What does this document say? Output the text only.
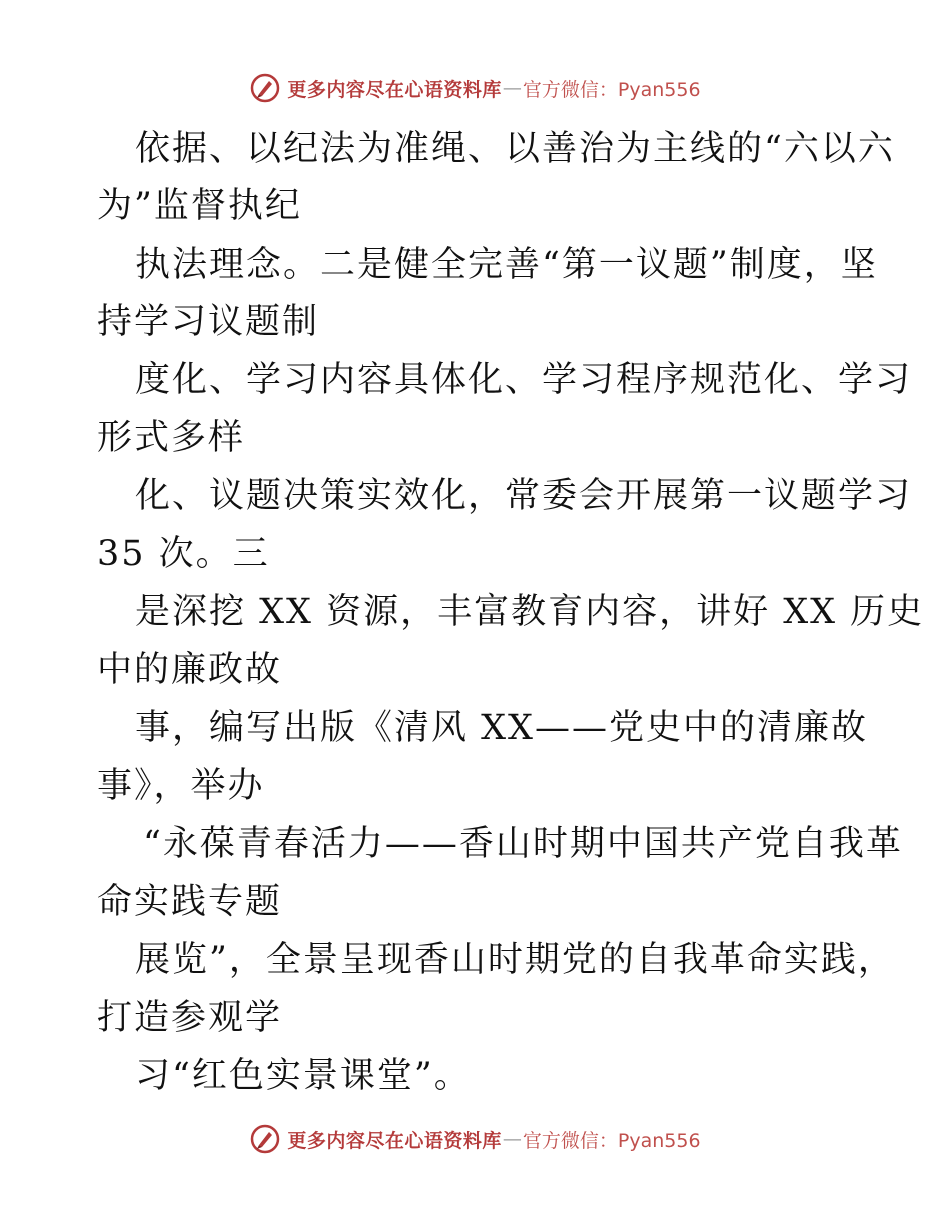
更多内容尽在心语资料库 — 官方微信：Pyan556
依据、以纪法为准绳、以善治为主线的“六以六
为”监督执纪
执法理念。二是健全完善“第一议题”制度，坚
持学习议题制
度化、学习内容具体化、学习程序规范化、学习
形式多样
化、议题决策实效化，常委会开展第一议题学习
35 次。三
是深挖 XX 资源，丰富教育内容，讲好 XX 历史
中的廉政故
事，编写出版《清风 XX——党史中的清廉故
事》，举办
“永葆青春活力——香山时期中国共产党自我革
命实践专题
展览”，全景呈现香山时期党的自我革命实践，
打造参观学
习“红色实景课堂”。
更多内容尽在心语资料库 — 官方微信：Pyan556
